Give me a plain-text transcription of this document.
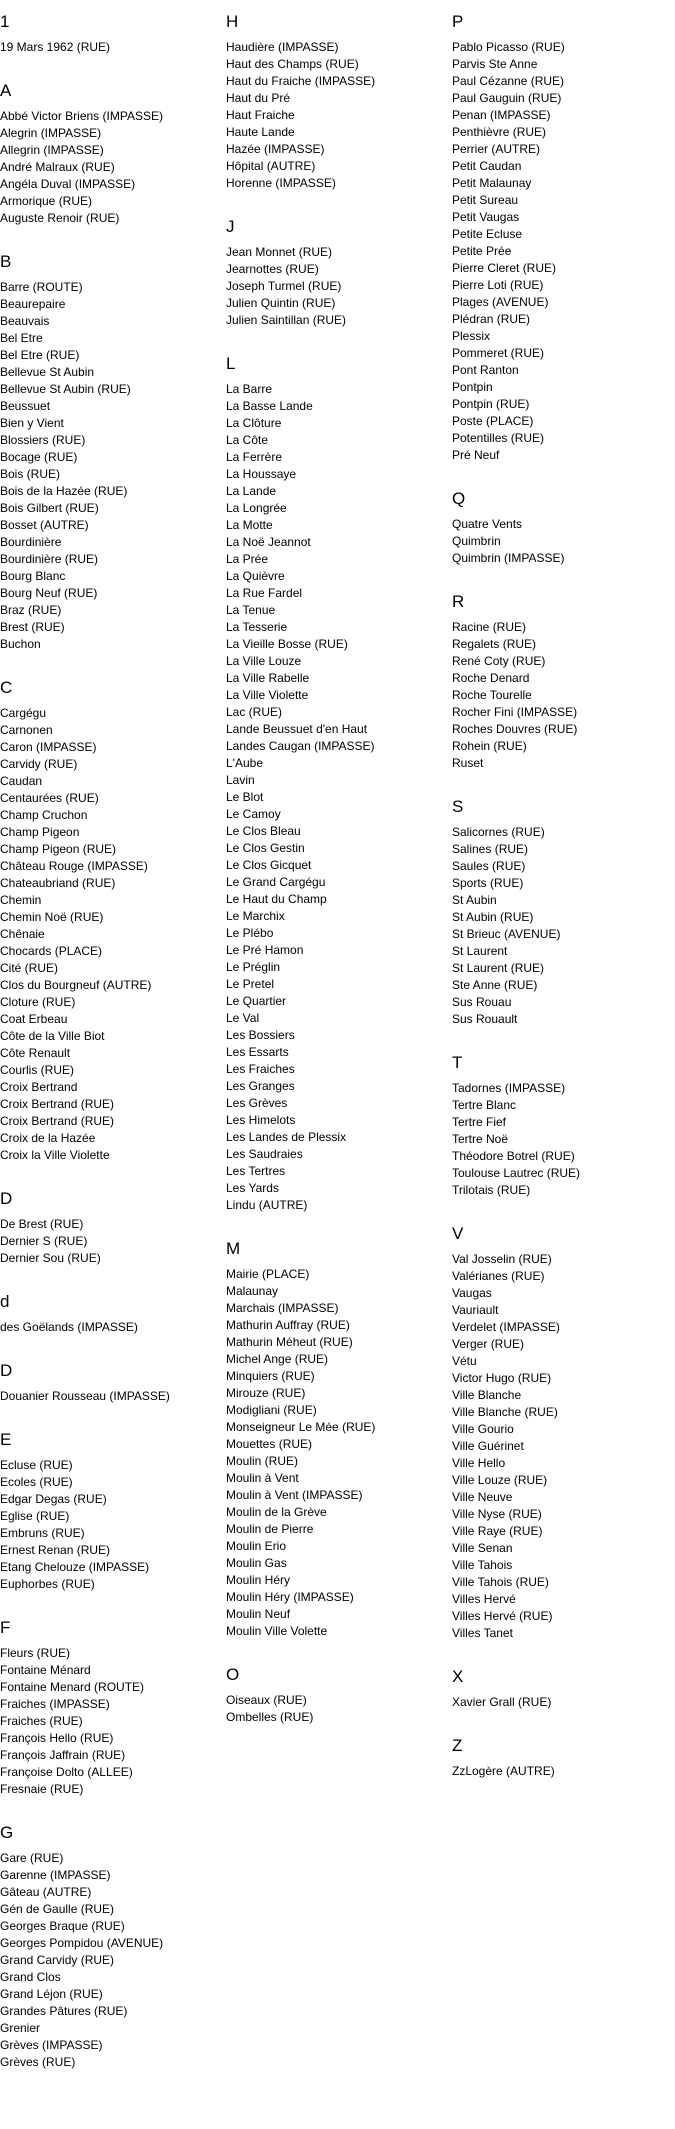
1
19 Mars 1962 (RUE)
A
Abbé Victor Briens (IMPASSE)
Alegrin (IMPASSE)
Allegrin (IMPASSE)
André Malraux (RUE)
Angéla Duval (IMPASSE)
Armorique (RUE)
Auguste Renoir (RUE)
B
Barre (ROUTE)
Beaurepaire
Beauvais
Bel Etre
Bel Etre (RUE)
Bellevue St Aubin
Bellevue St Aubin (RUE)
Beussuet
Bien y Vient
Blossiers (RUE)
Bocage (RUE)
Bois (RUE)
Bois de la Hazée (RUE)
Bois Gilbert (RUE)
Bosset (AUTRE)
Bourdinière
Bourdinière (RUE)
Bourg Blanc
Bourg Neuf (RUE)
Braz (RUE)
Brest (RUE)
Buchon
C
Cargégu
Carnonen
Caron (IMPASSE)
Carvidy (RUE)
Caudan
Centaurées (RUE)
Champ Cruchon
Champ Pigeon
Champ Pigeon (RUE)
Château Rouge (IMPASSE)
Chateaubriand (RUE)
Chemin
Chemin Noë (RUE)
Chênaie
Chocards (PLACE)
Cité (RUE)
Clos du Bourgneuf (AUTRE)
Cloture (RUE)
Coat Erbeau
Côte de la Ville Biot
Côte Renault
Courlis (RUE)
Croix Bertrand
Croix Bertrand (RUE)
Croix Bertrand (RUE)
Croix de la Hazée
Croix la Ville Violette
D
De Brest (RUE)
Dernier S (RUE)
Dernier Sou (RUE)
d
des Goëlands (IMPASSE)
D
Douanier Rousseau (IMPASSE)
E
Ecluse (RUE)
Ecoles (RUE)
Edgar Degas (RUE)
Eglise (RUE)
Embruns (RUE)
Ernest Renan (RUE)
Etang Chelouze (IMPASSE)
Euphorbes (RUE)
F
Fleurs (RUE)
Fontaine Ménard
Fontaine Menard (ROUTE)
Fraiches (IMPASSE)
Fraiches (RUE)
François Hello (RUE)
François Jaffrain (RUE)
Françoise Dolto (ALLEE)
Fresnaie (RUE)
G
Gare (RUE)
Garenne (IMPASSE)
Gâteau (AUTRE)
Gén de Gaulle (RUE)
Georges Braque (RUE)
Georges Pompidou (AVENUE)
Grand Carvidy (RUE)
Grand Clos
Grand Léjon (RUE)
Grandes Pâtures (RUE)
Grenier
Grèves (IMPASSE)
Grèves (RUE)
H
Haudière (IMPASSE)
Haut des Champs (RUE)
Haut du Fraiche (IMPASSE)
Haut du Pré
Haut Fraiche
Haute Lande
Hazée (IMPASSE)
Hôpital (AUTRE)
Horenne (IMPASSE)
J
Jean Monnet (RUE)
Jearnottes (RUE)
Joseph Turmel (RUE)
Julien Quintin (RUE)
Julien Saintillan (RUE)
L
La Barre
La Basse Lande
La Clôture
La Côte
La Ferrère
La Houssaye
La Lande
La Longrée
La Motte
La Noë Jeannot
La Prée
La Quièvre
La Rue Fardel
La Tenue
La Tesserie
La Vieille Bosse (RUE)
La Ville Louze
La Ville Rabelle
La Ville Violette
Lac (RUE)
Lande Beussuet d'en Haut
Landes Caugan (IMPASSE)
L'Aube
Lavin
Le Blot
Le Camoy
Le Clos Bleau
Le Clos Gestin
Le Clos Gicquet
Le Grand Cargégu
Le Haut du Champ
Le Marchix
Le Plébo
Le Pré Hamon
Le Préglin
Le Pretel
Le Quartier
Le Val
Les Bossiers
Les Essarts
Les Fraiches
Les Granges
Les Grèves
Les Himelots
Les Landes de Plessix
Les Saudraies
Les Tertres
Les Yards
Lindu (AUTRE)
M
Mairie (PLACE)
Malaunay
Marchais (IMPASSE)
Mathurin Auffray (RUE)
Mathurin Méheut (RUE)
Michel Ange (RUE)
Minquiers (RUE)
Mirouze (RUE)
Modigliani (RUE)
Monseigneur Le Mée (RUE)
Mouettes (RUE)
Moulin (RUE)
Moulin à Vent
Moulin à Vent (IMPASSE)
Moulin de la Grève
Moulin de Pierre
Moulin Erio
Moulin Gas
Moulin Héry
Moulin Héry (IMPASSE)
Moulin Neuf
Moulin Ville Volette
O
Oiseaux (RUE)
Ombelles (RUE)
P
Pablo Picasso (RUE)
Parvis Ste Anne
Paul Cézanne (RUE)
Paul Gauguin (RUE)
Penan (IMPASSE)
Penthièvre (RUE)
Perrier (AUTRE)
Petit Caudan
Petit Malaunay
Petit Sureau
Petit Vaugas
Petite Ecluse
Petite Prée
Pierre Cleret (RUE)
Pierre Loti (RUE)
Plages (AVENUE)
Plédran (RUE)
Plessix
Pommeret (RUE)
Pont Ranton
Pontpin
Pontpin (RUE)
Poste (PLACE)
Potentilles (RUE)
Pré Neuf
Q
Quatre Vents
Quimbrin
Quimbrin (IMPASSE)
R
Racine (RUE)
Regalets (RUE)
René Coty (RUE)
Roche Denard
Roche Tourelle
Rocher Fini (IMPASSE)
Roches Douvres (RUE)
Rohein (RUE)
Ruset
S
Salicornes (RUE)
Salines (RUE)
Saules (RUE)
Sports (RUE)
St Aubin
St Aubin (RUE)
St Brieuc (AVENUE)
St Laurent
St Laurent (RUE)
Ste Anne (RUE)
Sus Rouau
Sus Rouault
T
Tadornes (IMPASSE)
Tertre Blanc
Tertre Fief
Tertre Noë
Théodore Botrel (RUE)
Toulouse Lautrec (RUE)
Trilotais (RUE)
V
Val Josselin (RUE)
Valérianes (RUE)
Vaugas
Vauriault
Verdelet (IMPASSE)
Verger (RUE)
Vétu
Victor Hugo (RUE)
Ville Blanche
Ville Blanche (RUE)
Ville Gourio
Ville Guérinet
Ville Hello
Ville Louze (RUE)
Ville Neuve
Ville Nyse (RUE)
Ville Raye (RUE)
Ville Senan
Ville Tahois
Ville Tahois (RUE)
Villes Hervé
Villes Hervé (RUE)
Villes Tanet
X
Xavier Grall (RUE)
Z
ZzLogère (AUTRE)
